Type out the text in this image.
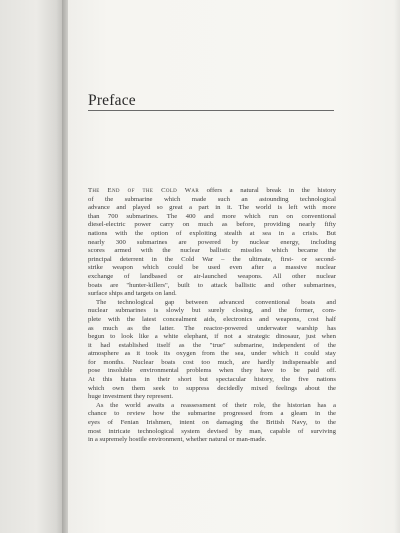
Preface
The End of the Cold War offers a natural break in the history
of the submarine which made such an astounding technological
advance and played so great a part in it. The world is left with more
than 700 submarines. The 400 and more which run on conventional
diesel-electric power carry on much as before, providing nearly fifty
nations with the option of exploiting stealth at sea in a crisis. But
nearly 300 submarines are powered by nuclear energy, including
scores armed with the nuclear ballistic missiles which became the
principal deterrent in the Cold War – the ultimate, first- or second-
strike weapon which could be used even after a massive nuclear
exchange of landbased or air-launched weapons. All other nuclear
boats are "hunter-killers", built to attack ballistic and other submarines,
surface ships and targets on land.
The technological gap between advanced conventional boats and
nuclear submarines is slowly but surely closing, and the former, com-
plete with the latest concealment aids, electronics and weapons, cost half
as much as the latter. The reactor-powered underwater warship has
begun to look like a white elephant, if not a strategic dinosaur, just when
it had established itself as the "true" submarine, independent of the
atmosphere as it took its oxygen from the sea, under which it could stay
for months. Nuclear boats cost too much, are hardly indispensable and
pose insoluble environmental problems when they have to be paid off.
At this hiatus in their short but spectacular history, the five nations
which own them seek to suppress decidedly mixed feelings about the
huge investment they represent.
As the world awaits a reassessment of their role, the historian has a
chance to review how the submarine progressed from a gleam in the
eyes of Fenian Irishmen, intent on damaging the British Navy, to the
most intricate technological system devised by man, capable of surviving
in a supremely hostile environment, whether natural or man-made.
